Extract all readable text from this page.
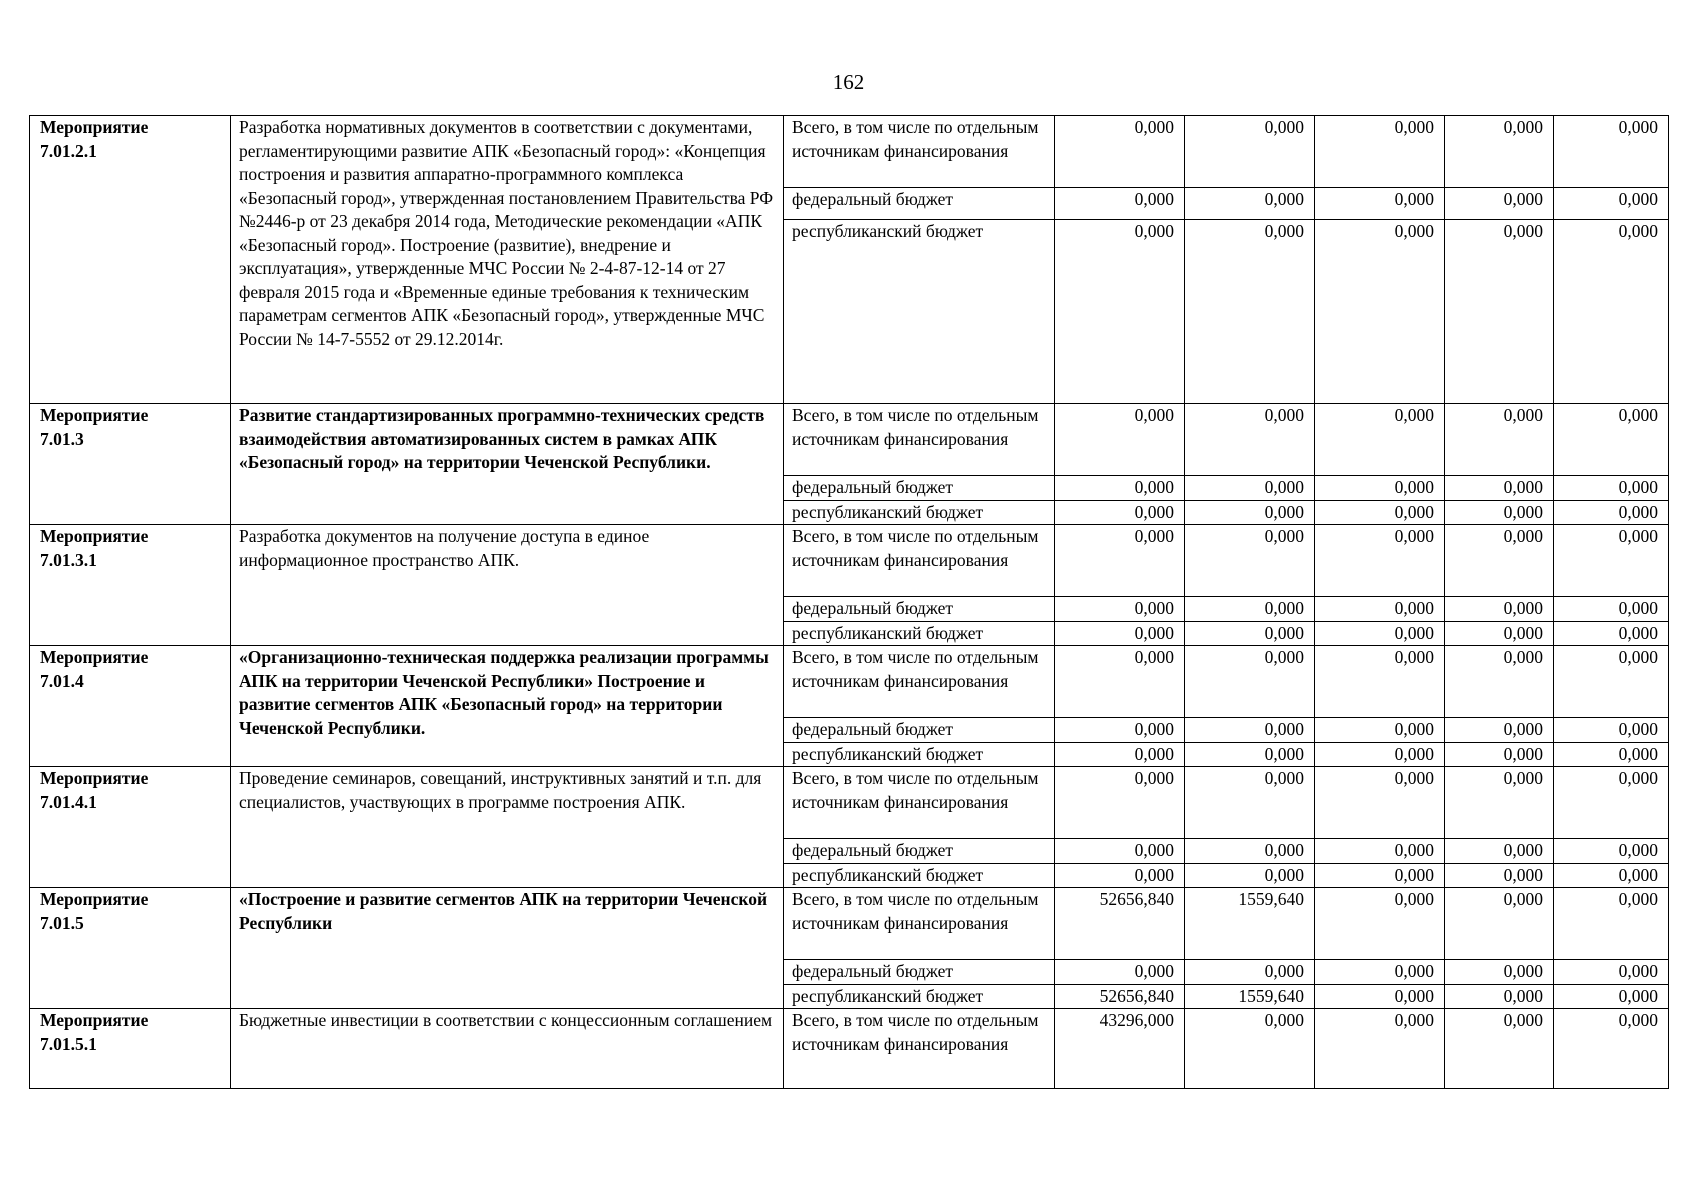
162
Мероприятие
7.01.2.1	Разработка нормативных документов в соответствии с документами, регламентирующими развитие АПК «Безопасный город»: «Концепция построения и развития аппаратно-программного комплекса «Безопасный город», утвержденная постановлением Правительства РФ №2446-р от 23 декабря 2014 года, Методические рекомендации «АПК «Безопасный город». Построение (развитие), внедрение и эксплуатация», утвержденные МЧС России № 2-4-87-12-14 от 27 февраля 2015 года и «Временные единые требования к техническим параметрам сегментов АПК «Безопасный город», утвержденные МЧС России № 14-7-5552 от 29.12.2014г.	Всего, в том числе по отдельным источникам финансирования	0,000	0,000	0,000	0,000	0,000
		федеральный бюджет	0,000	0,000	0,000	0,000	0,000
		республиканский бюджет	0,000	0,000	0,000	0,000	0,000
Мероприятие
7.01.3	Развитие стандартизированных программно-технических средств взаимодействия автоматизированных систем в рамках АПК «Безопасный город» на территории Чеченской Республики.	Всего, в том числе по отдельным источникам финансирования	0,000	0,000	0,000	0,000	0,000
		федеральный бюджет	0,000	0,000	0,000	0,000	0,000
		республиканский бюджет	0,000	0,000	0,000	0,000	0,000
Мероприятие
7.01.3.1	Разработка документов на получение доступа в единое информационное пространство АПК.	Всего, в том числе по отдельным источникам финансирования	0,000	0,000	0,000	0,000	0,000
		федеральный бюджет	0,000	0,000	0,000	0,000	0,000
		республиканский бюджет	0,000	0,000	0,000	0,000	0,000
Мероприятие
7.01.4	«Организационно-техническая поддержка реализации программы АПК на территории Чеченской Республики» Построение и развитие сегментов АПК «Безопасный город» на территории Чеченской Республики.	Всего, в том числе по отдельным источникам финансирования	0,000	0,000	0,000	0,000	0,000
		федеральный бюджет	0,000	0,000	0,000	0,000	0,000
		республиканский бюджет	0,000	0,000	0,000	0,000	0,000
Мероприятие
7.01.4.1	Проведение семинаров, совещаний, инструктивных занятий и т.п. для специалистов, участвующих в программе построения АПК.	Всего, в том числе по отдельным источникам финансирования	0,000	0,000	0,000	0,000	0,000
		федеральный бюджет	0,000	0,000	0,000	0,000	0,000
		республиканский бюджет	0,000	0,000	0,000	0,000	0,000
Мероприятие
7.01.5	«Построение и развитие сегментов АПК на территории Чеченской Республики	Всего, в том числе по отдельным источникам финансирования	52656,840	1559,640	0,000	0,000	0,000
		федеральный бюджет	0,000	0,000	0,000	0,000	0,000
		республиканский бюджет	52656,840	1559,640	0,000	0,000	0,000
Мероприятие
7.01.5.1	Бюджетные инвестиции в соответствии с концессионным соглашением	Всего, в том числе по отдельным источникам финансирования	43296,000	0,000	0,000	0,000	0,000
